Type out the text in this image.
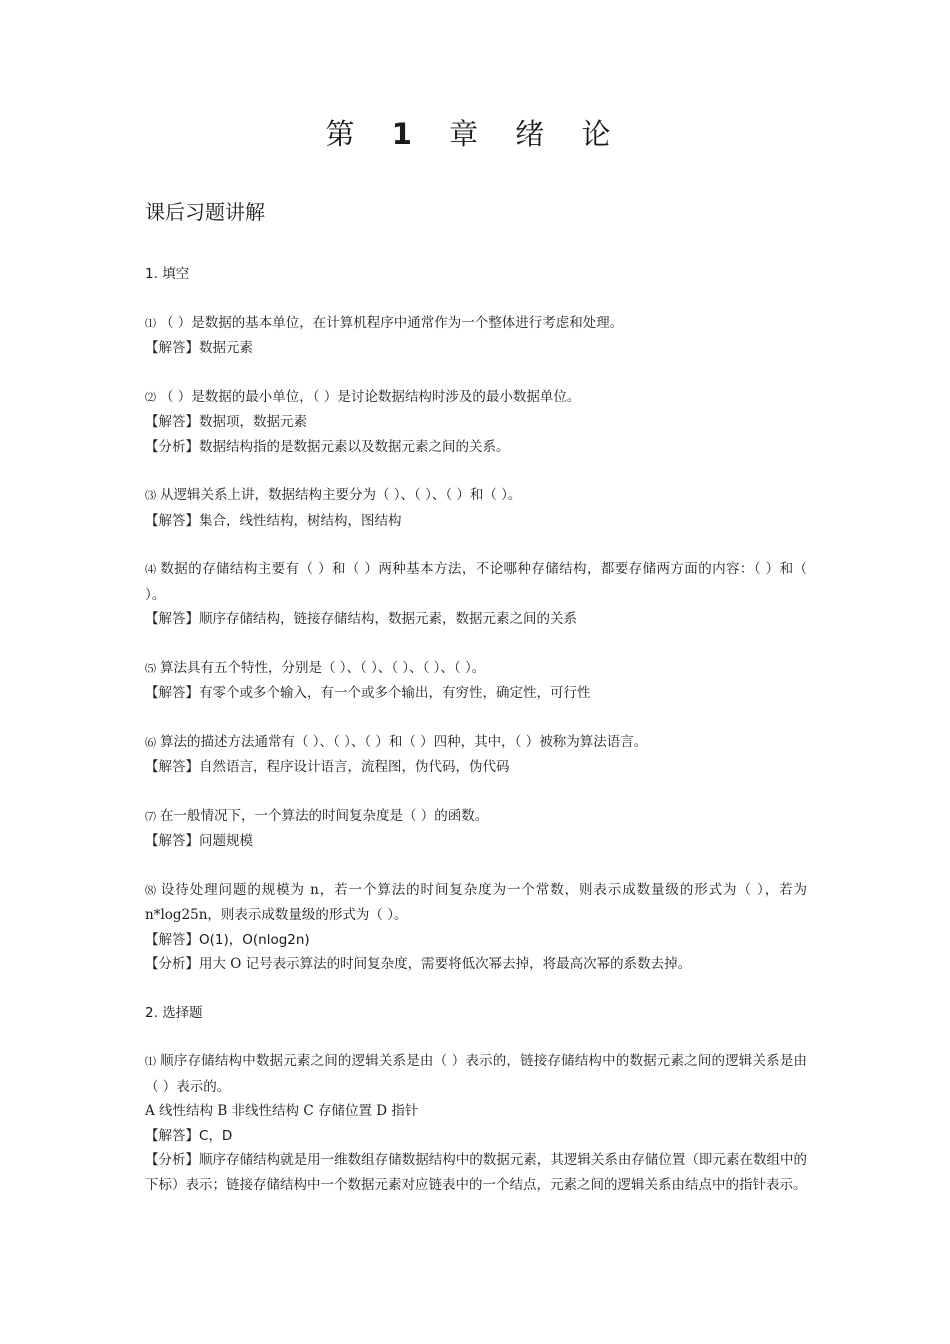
第 1 章 绪 论
课后习题讲解

1. 填空

⑴ （ ）是数据的基本单位，在计算机程序中通常作为一个整体进行考虑和处理。

【解答】数据元素

⑵ （ ）是数据的最小单位，（ ）是讨论数据结构时涉及的最小数据单位。

【解答】数据项，数据元素

【分析】数据结构指的是数据元素以及数据元素之间的关系。

⑶ 从逻辑关系上讲，数据结构主要分为（ ）、（ ）、（ ）和（ ）。

【解答】集合，线性结构，树结构，图结构

⑷ 数据的存储结构主要有（ ）和（ ）两种基本方法，不论哪种存储结构，都要存储两方面的内容：（ ）和（ ）。

【解答】顺序存储结构，链接存储结构，数据元素，数据元素之间的关系

⑸ 算法具有五个特性，分别是（ ）、（ ）、（ ）、（ ）、（ ）。

【解答】有零个或多个输入，有一个或多个输出，有穷性，确定性，可行性

⑹ 算法的描述方法通常有（ ）、（ ）、（ ）和（ ）四种，其中，（ ）被称为算法语言。

【解答】自然语言，程序设计语言，流程图，伪代码，伪代码

⑺ 在一般情况下，一个算法的时间复杂度是（ ）的函数。

【解答】问题规模

⑻ 设待处理问题的规模为 n，若一个算法的时间复杂度为一个常数，则表示成数量级的形式为（ ），若为 n*log25n，则表示成数量级的形式为（ ）。

【解答】O(1)，O(nlog2n)

【分析】用大 O 记号表示算法的时间复杂度，需要将低次幂去掉，将最高次幂的系数去掉。

2. 选择题

⑴ 顺序存储结构中数据元素之间的逻辑关系是由（ ）表示的，链接存储结构中的数据元素之间的逻辑关系是由（ ）表示的。

A 线性结构 B 非线性结构 C 存储位置 D 指针

【解答】C，D

【分析】顺序存储结构就是用一维数组存储数据结构中的数据元素，其逻辑关系由存储位置（即元素在数组中的下标）表示；链接存储结构中一个数据元素对应链表中的一个结点，元素之间的逻辑关系由结点中的指针表示。
